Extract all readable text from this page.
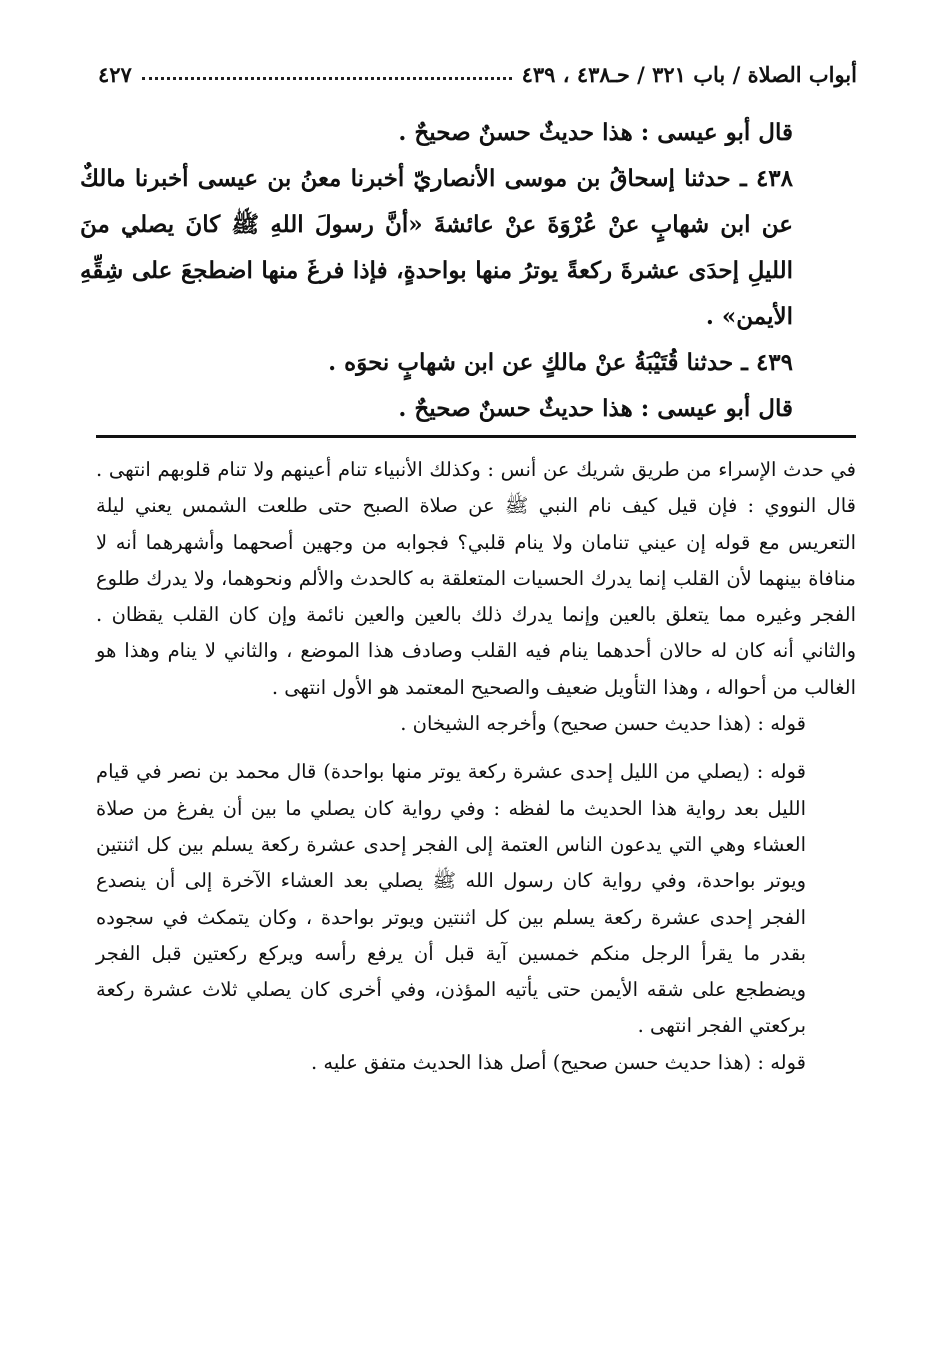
أبواب الصلاة / باب ٣٢١ / حـ٤٣٨ ، ٤٣٩
٤٢٧

قال أبو عيسى : هذا حديثٌ حسنٌ صحيحٌ .

٤٣٨ ـ حدثنا إسحاقُ بن موسى الأنصاريّ أخبرنا معنُ بن عيسى أخبرنا مالكٌ عن ابن شهابٍ عنْ عُرْوَةَ عنْ عائشةَ «أنَّ رسولَ اللهِ ﷺ كانَ يصلي منَ الليلِ إحدَى عشرةَ ركعةً يوترُ منها بواحدةٍ، فإذا فرغَ منها اضطجعَ على شِقِّهِ الأيمن» .

٤٣٩ ـ حدثنا قُتَيْبَةُ عنْ مالكٍ عن ابن شهابٍ نحوَه .

قال أبو عيسى : هذا حديثٌ حسنٌ صحيحٌ .

في حدث الإسراء من طريق شريك عن أنس : وكذلك الأنبياء تنام أعينهم ولا تنام قلوبهم انتهى . قال النووي : فإن قيل كيف نام النبي ﷺ عن صلاة الصبح حتى طلعت الشمس يعني ليلة التعريس مع قوله إن عيني تنامان ولا ينام قلبي؟ فجوابه من وجهين أصحهما وأشهرهما أنه لا منافاة بينهما لأن القلب إنما يدرك الحسيات المتعلقة به كالحدث والألم ونحوهما، ولا يدرك طلوع الفجر وغيره مما يتعلق بالعين وإنما يدرك ذلك بالعين والعين نائمة وإن كان القلب يقظان . والثاني أنه كان له حالان أحدهما ينام فيه القلب وصادف هذا الموضع ، والثاني لا ينام وهذا هو الغالب من أحواله ، وهذا التأويل ضعيف والصحيح المعتمد هو الأول انتهى .

قوله : (هذا حديث حسن صحيح) وأخرجه الشيخان .

قوله : (يصلي من الليل إحدى عشرة ركعة يوتر منها بواحدة) قال محمد بن نصر في قيام الليل بعد رواية هذا الحديث ما لفظه : وفي رواية كان يصلي ما بين أن يفرغ من صلاة العشاء وهي التي يدعون الناس العتمة إلى الفجر إحدى عشرة ركعة يسلم بين كل اثنتين ويوتر بواحدة، وفي رواية كان رسول الله ﷺ يصلي بعد العشاء الآخرة إلى أن ينصدع الفجر إحدى عشرة ركعة يسلم بين كل اثنتين ويوتر بواحدة ، وكان يتمكث في سجوده بقدر ما يقرأ الرجل منكم خمسين آية قبل أن يرفع رأسه ويركع ركعتين قبل الفجر ويضطجع على شقه الأيمن حتى يأتيه المؤذن، وفي أخرى كان يصلي ثلاث عشرة ركعة بركعتي الفجر انتهى .

قوله : (هذا حديث حسن صحيح) أصل هذا الحديث متفق عليه .
